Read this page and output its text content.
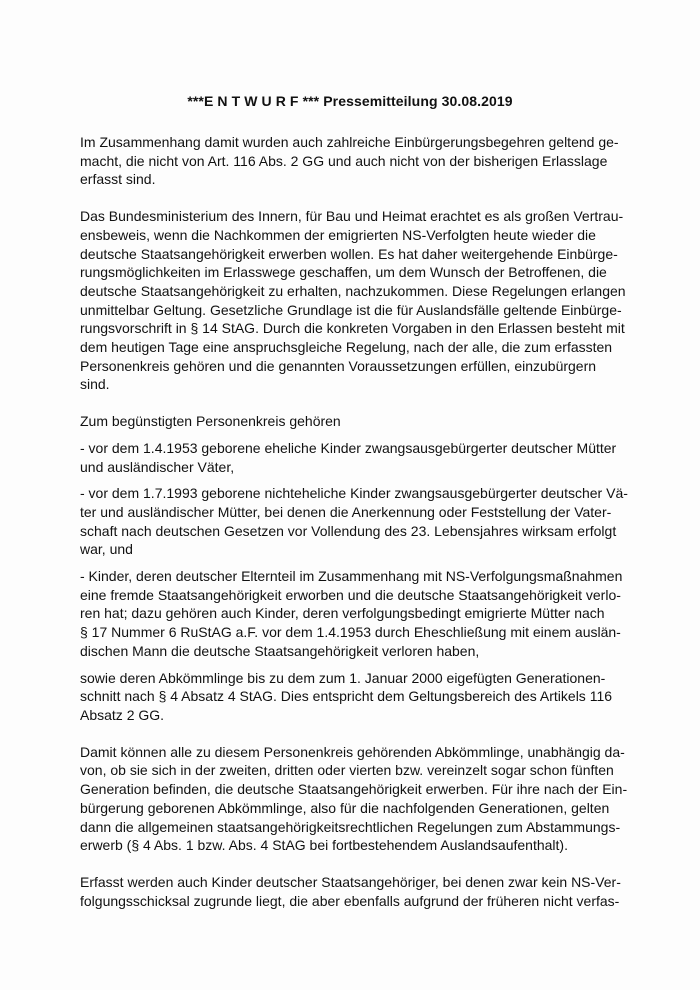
***E N T W U R F *** Pressemitteilung 30.08.2019

Im Zusammenhang damit wurden auch zahlreiche Einbürgerungsbegehren geltend ge-
macht, die nicht von Art. 116 Abs. 2 GG und auch nicht von der bisherigen Erlasslage
erfasst sind.

Das Bundesministerium des Innern, für Bau und Heimat erachtet es als großen Vertrau-
ensbeweis, wenn die Nachkommen der emigrierten NS-Verfolgten heute wieder die
deutsche Staatsangehörigkeit erwerben wollen. Es hat daher weitergehende Einbürge-
rungsmöglichkeiten im Erlasswege geschaffen, um dem Wunsch der Betroffenen, die
deutsche Staatsangehörigkeit zu erhalten, nachzukommen. Diese Regelungen erlangen
unmittelbar Geltung. Gesetzliche Grundlage ist die für Auslandsfälle geltende Einbürge-
rungsvorschrift in § 14 StAG. Durch die konkreten Vorgaben in den Erlassen besteht mit
dem heutigen Tage eine anspruchsgleiche Regelung, nach der alle, die zum erfassten
Personenkreis gehören und die genannten Voraussetzungen erfüllen, einzubürgern
sind.

Zum begünstigten Personenkreis gehören

- vor dem 1.4.1953 geborene eheliche Kinder zwangsausgebürgerter deutscher Mütter
und ausländischer Väter,

- vor dem 1.7.1993 geborene nichteheliche Kinder zwangsausgebürgerter deutscher Vä-
ter und ausländischer Mütter, bei denen die Anerkennung oder Feststellung der Vater-
schaft nach deutschen Gesetzen vor Vollendung des 23. Lebensjahres wirksam erfolgt
war, und

- Kinder, deren deutscher Elternteil im Zusammenhang mit NS-Verfolgungsmaßnahmen
eine fremde Staatsangehörigkeit erworben und die deutsche Staatsangehörigkeit verlo-
ren hat; dazu gehören auch Kinder, deren verfolgungsbedingt emigrierte Mütter nach
§ 17 Nummer 6 RuStAG a.F. vor dem 1.4.1953 durch Eheschließung mit einem auslän-
dischen Mann die deutsche Staatsangehörigkeit verloren haben,

sowie deren Abkömmlinge bis zu dem zum 1. Januar 2000 eigefügten Generationen-
schnitt nach § 4 Absatz 4 StAG. Dies entspricht dem Geltungsbereich des Artikels 116
Absatz 2 GG.

Damit können alle zu diesem Personenkreis gehörenden Abkömmlinge, unabhängig da-
von, ob sie sich in der zweiten, dritten oder vierten bzw. vereinzelt sogar schon fünften
Generation befinden, die deutsche Staatsangehörigkeit erwerben. Für ihre nach der Ein-
bürgerung geborenen Abkömmlinge, also für die nachfolgenden Generationen, gelten
dann die allgemeinen staatsangehörigkeitsrechtlichen Regelungen zum Abstammungs-
erwerb (§ 4 Abs. 1 bzw. Abs. 4 StAG bei fortbestehendem Auslandsaufenthalt).

Erfasst werden auch Kinder deutscher Staatsangehöriger, bei denen zwar kein NS-Ver-
folgungsschicksal zugrunde liegt, die aber ebenfalls aufgrund der früheren nicht verfas-
